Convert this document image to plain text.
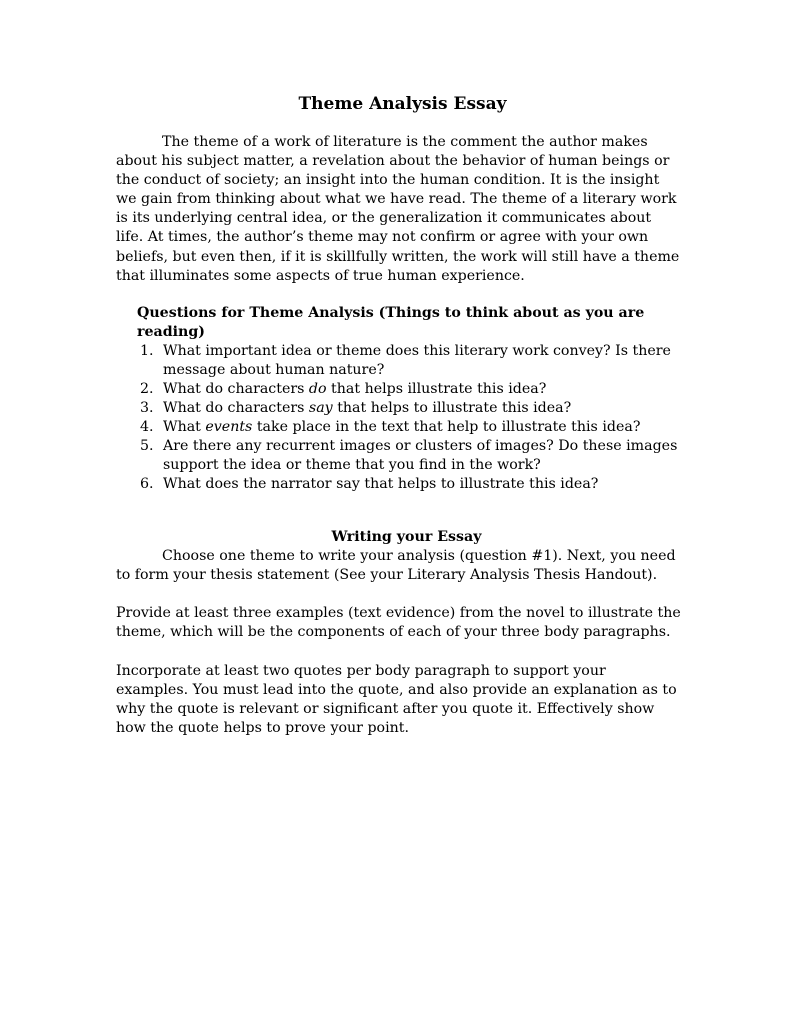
Theme Analysis Essay

The theme of a work of literature is the comment the author makes about his subject matter, a revelation about the behavior of human beings or the conduct of society; an insight into the human condition. It is the insight we gain from thinking about what we have read. The theme of a literary work is its underlying central idea, or the generalization it communicates about life. At times, the author’s theme may not confirm or agree with your own beliefs, but even then, if it is skillfully written, the work will still have a theme that illuminates some aspects of true human experience.

Questions for Theme Analysis (Things to think about as you are reading)
1. What important idea or theme does this literary work convey? Is there message about human nature?
2. What do characters do that helps illustrate this idea?
3. What do characters say that helps to illustrate this idea?
4. What events take place in the text that help to illustrate this idea?
5. Are there any recurrent images or clusters of images? Do these images support the idea or theme that you find in the work?
6. What does the narrator say that helps to illustrate this idea?
Writing your Essay

Choose one theme to write your analysis (question #1). Next, you need to form your thesis statement (See your Literary Analysis Thesis Handout).

Provide at least three examples (text evidence) from the novel to illustrate the theme, which will be the components of each of your three body paragraphs.

Incorporate at least two quotes per body paragraph to support your examples. You must lead into the quote, and also provide an explanation as to why the quote is relevant or significant after you quote it. Effectively show how the quote helps to prove your point.
